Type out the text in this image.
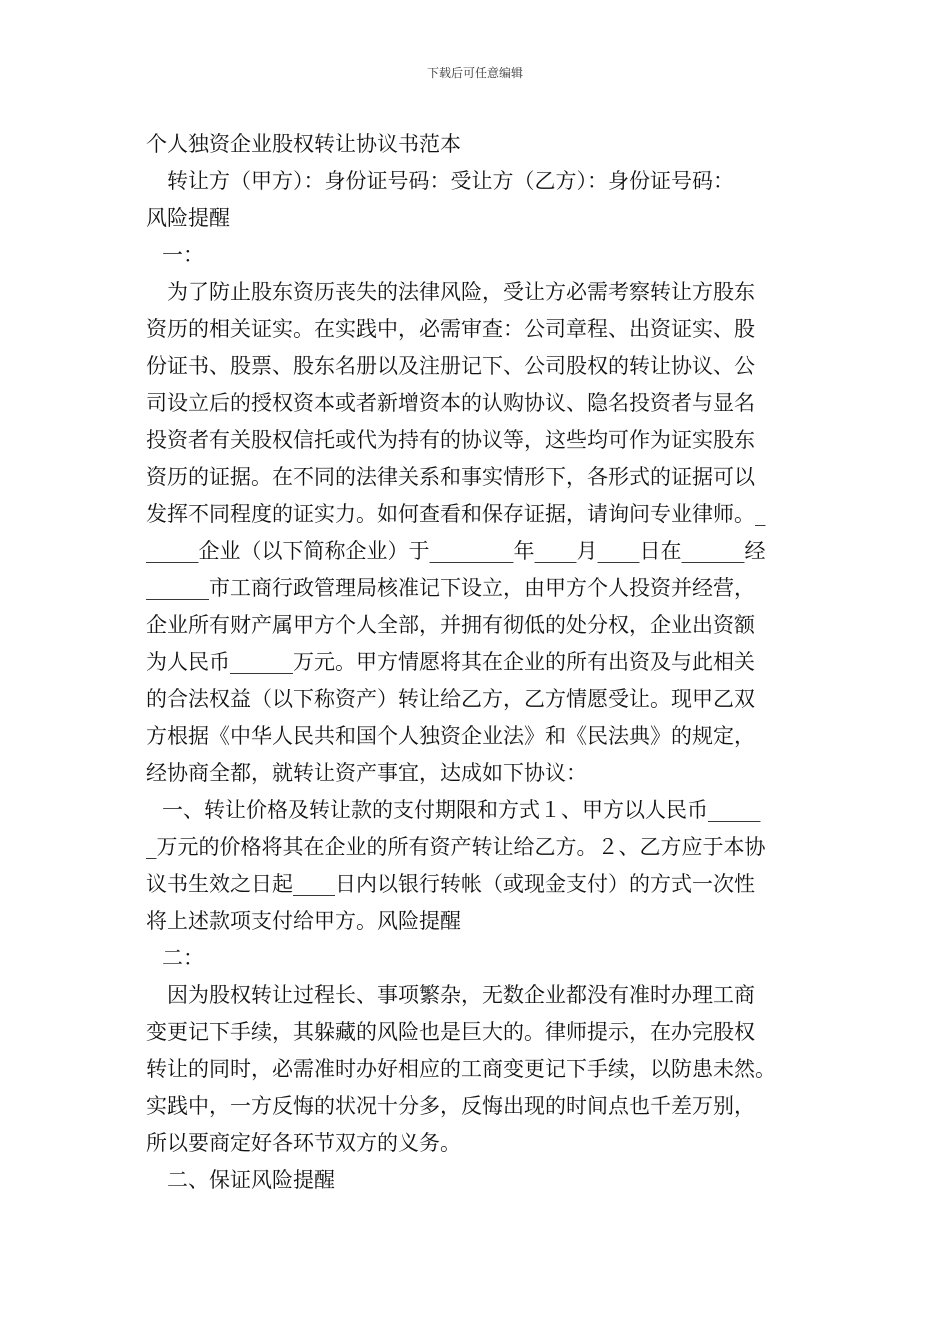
下载后可任意编辑
个人独资企业股权转让协议书范本
转让方（甲方）：身份证号码：受让方（乙方）：身份证号码：
风险提醒
一：
为了防止股东资历丧失的法律风险，受让方必需考察转让方股东
资历的相关证实。在实践中，必需审查：公司章程、出资证实、股
份证书、股票、股东名册以及注册记下、公司股权的转让协议、公
司设立后的授权资本或者新增资本的认购协议、隐名投资者与显名
投资者有关股权信托或代为持有的协议等，这些均可作为证实股东
资历的证据。在不同的法律关系和事实情形下，各形式的证据可以
发挥不同程度的证实力。如何查看和保存证据，请询问专业律师。_
_____企业（以下简称企业）于________年____月____日在______经
______市工商行政管理局核准记下设立，由甲方个人投资并经营，
企业所有财产属甲方个人全部，并拥有彻低的处分权，企业出资额
为人民币______万元。甲方情愿将其在企业的所有出资及与此相关
的合法权益（以下称资产）转让给乙方，乙方情愿受让。现甲乙双
方根据《中华人民共和国个人独资企业法》和《民法典》的规定，
经协商全都，就转让资产事宜，达成如下协议：
一、转让价格及转让款的支付期限和方式１、甲方以人民币_____
_万元的价格将其在企业的所有资产转让给乙方。２、乙方应于本协
议书生效之日起____日内以银行转帐（或现金支付）的方式一次性
将上述款项支付给甲方。风险提醒
二：
因为股权转让过程长、事项繁杂，无数企业都没有准时办理工商
变更记下手续，其躲藏的风险也是巨大的。律师提示，在办完股权
转让的同时，必需准时办好相应的工商变更记下手续，以防患未然。
实践中，一方反悔的状况十分多，反悔出现的时间点也千差万别，
所以要商定好各环节双方的义务。
二、保证风险提醒
